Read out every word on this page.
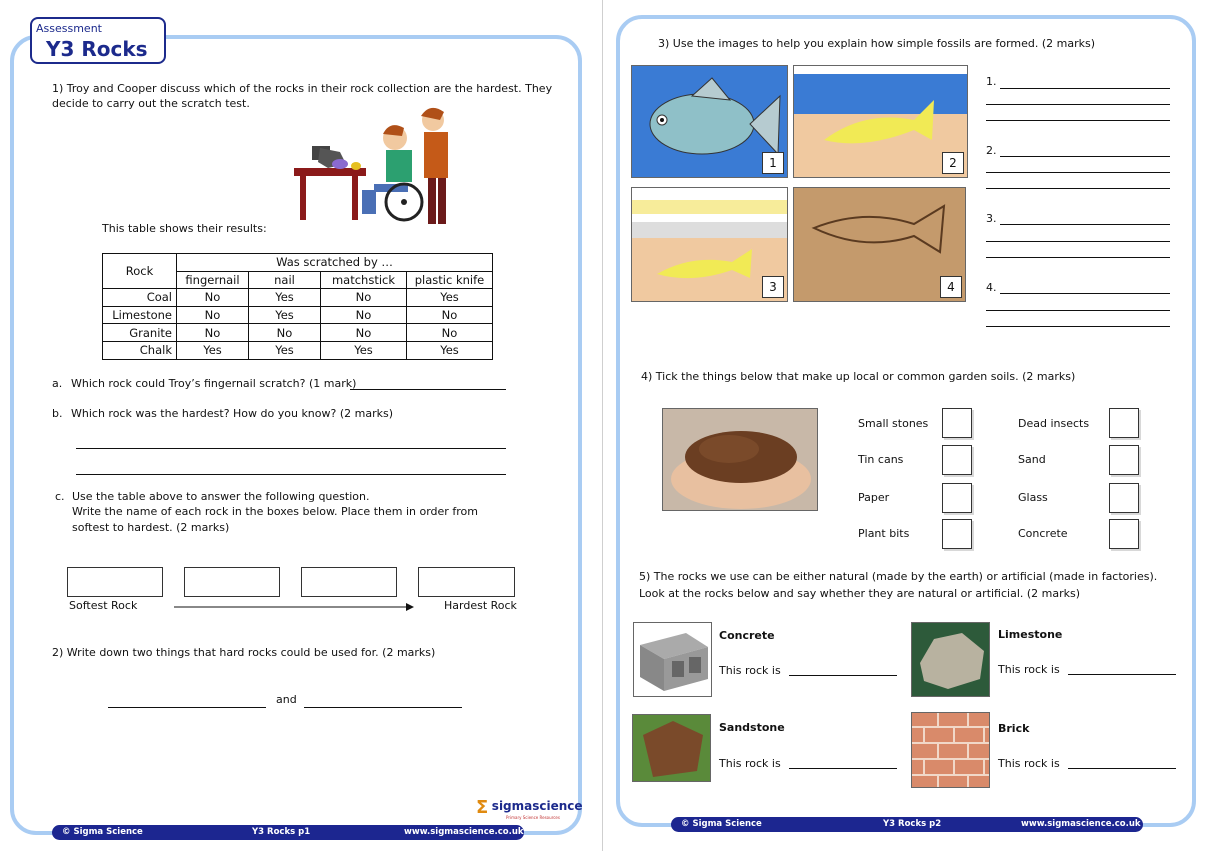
Assessment
Y3 Rocks
1) Troy and Cooper discuss which of the rocks in their rock collection are the hardest. They
decide to carry out the scratch test.
This table shows their results:
Rock	Was scratched by …			
	fingernail	nail	matchstick	plastic knife
Coal	No	Yes	No	Yes
Limestone	No	Yes	No	No
Granite	No	No	No	No
Chalk	Yes	Yes	Yes	Yes
a. Which rock could Troy’s fingernail scratch? (1 mark)
b. Which rock was the hardest? How do you know? (2 marks)
c. Use the table above to answer the following question.
Write the name of each rock in the boxes below. Place them in order from
softest to hardest. (2 marks)
Softest Rock	Hardest Rock
2) Write down two things that hard rocks could be used for. (2 marks)
and
Σ sigmascience
Primary Science Resources
© Sigma Science	Y3 Rocks p1	www.sigmascience.co.uk
3) Use the images to help you explain how simple fossils are formed. (2 marks)
1	2
3	4
1.
2.
3.
4.
4) Tick the things below that make up local or common garden soils. (2 marks)
Small stones
Tin cans
Paper
Plant bits
Dead insects
Sand
Glass
Concrete
5) The rocks we use can be either natural (made by the earth) or artificial (made in factories).
Look at the rocks below and say whether they are natural or artificial. (2 marks)
Concrete
This rock is
Limestone
This rock is
Sandstone
This rock is
Brick
This rock is
© Sigma Science	Y3 Rocks p2	www.sigmascience.co.uk
